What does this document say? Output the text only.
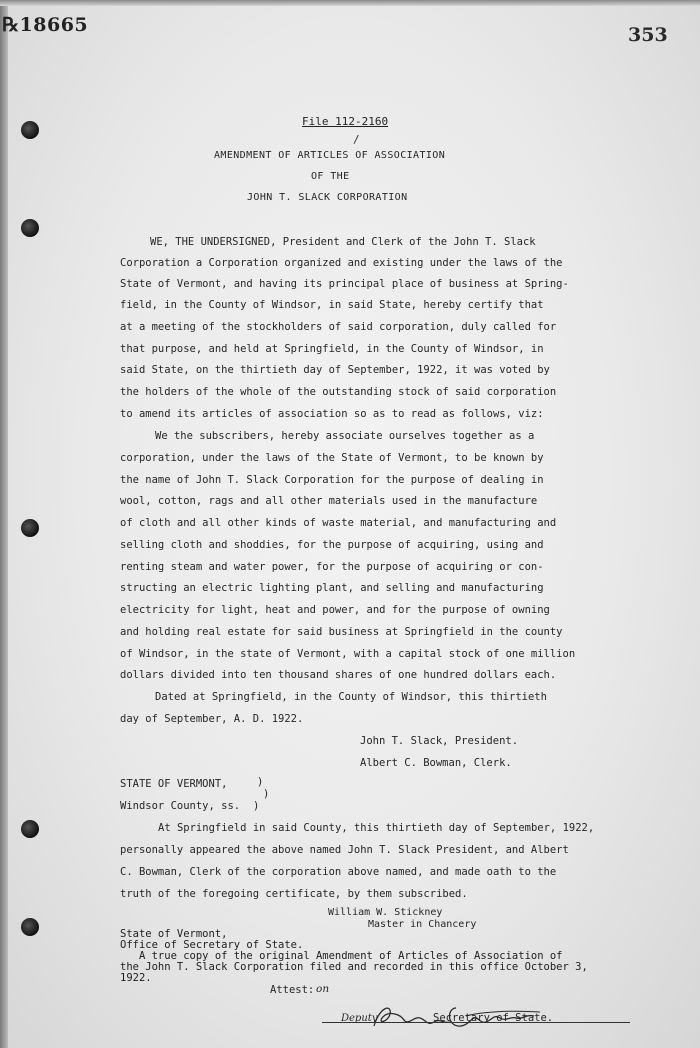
℞18665	353
File 112-2160
/
AMENDMENT OF ARTICLES OF ASSOCIATION
OF THE
JOHN T. SLACK CORPORATION
WE, THE UNDERSIGNED, President and Clerk of the John T. Slack
Corporation a Corporation organized and existing under the laws of the
State of Vermont, and having its principal place of business at Spring-
field, in the County of Windsor, in said State, hereby certify that
at a meeting of the stockholders of said corporation, duly called for
that purpose, and held at Springfield, in the County of Windsor, in
said State, on the thirtieth day of September, 1922, it was voted by
the holders of the whole of the outstanding stock of said corporation
to amend its articles of association so as to read as follows, viz:
We the subscribers, hereby associate ourselves together as a
corporation, under the laws of the State of Vermont, to be known by
the name of John T. Slack Corporation for the purpose of dealing in
wool, cotton, rags and all other materials used in the manufacture
of cloth and all other kinds of waste material, and manufacturing and
selling cloth and shoddies, for the purpose of acquiring, using and
renting steam and water power, for the purpose of acquiring or con-
structing an electric lighting plant, and selling and manufacturing
electricity for light, heat and power, and for the purpose of owning
and holding real estate for said business at Springfield in the county
of Windsor, in the state of Vermont, with a capital stock of one million
dollars divided into ten thousand shares of one hundred dollars each.
Dated at Springfield, in the County of Windsor, this thirtieth
day of September, A. D. 1922.
John T. Slack, President.
Albert C. Bowman, Clerk.
STATE OF VERMONT,	)
)
Windsor County, ss. )
At Springfield in said County, this thirtieth day of September, 1922,
personally appeared the above named John T. Slack President, and Albert
C. Bowman, Clerk of the corporation above named, and made oath to the
truth of the foregoing certificate, by them subscribed.
William W. Stickney
Master in Chancery
State of Vermont,
Office of Secretary of State.
A true copy of the original Amendment of Articles of Association of
the John T. Slack Corporation filed and recorded in this office October 3,
1922.
Attest: on
Deputy	Secretary of State.
